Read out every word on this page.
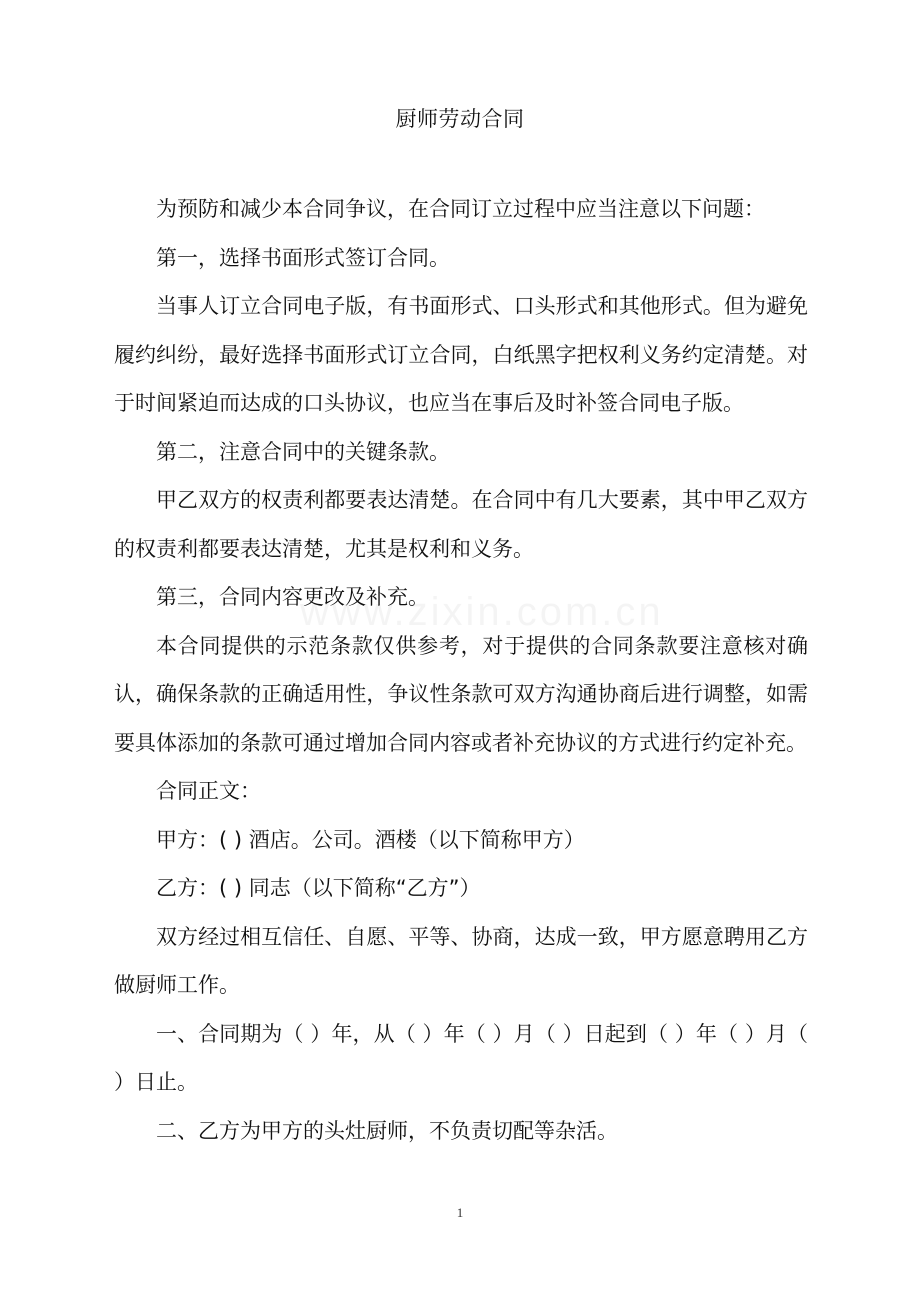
厨师劳动合同

为预防和减少本合同争议，在合同订立过程中应当注意以下问题：

第一，选择书面形式签订合同。

当事人订立合同电子版，有书面形式、口头形式和其他形式。但为避免履约纠纷，最好选择书面形式订立合同，白纸黑字把权利义务约定清楚。对于时间紧迫而达成的口头协议，也应当在事后及时补签合同电子版。

第二，注意合同中的关键条款。

甲乙双方的权责利都要表达清楚。在合同中有几大要素，其中甲乙双方的权责利都要表达清楚，尤其是权利和义务。

第三，合同内容更改及补充。

本合同提供的示范条款仅供参考，对于提供的合同条款要注意核对确认，确保条款的正确适用性，争议性条款可双方沟通协商后进行调整，如需要具体添加的条款可通过增加合同内容或者补充协议的方式进行约定补充。

合同正文：

甲方：( ) 酒店。公司。酒楼（以下简称甲方）

乙方：( ) 同志（以下简称“乙方”）

双方经过相互信任、自愿、平等、协商，达成一致，甲方愿意聘用乙方做厨师工作。

一、合同期为（ ）年，从（ ）年（ ）月（ ）日起到（ ）年（ ）月（ ）日止。

二、乙方为甲方的头灶厨师，不负责切配等杂活。

1
